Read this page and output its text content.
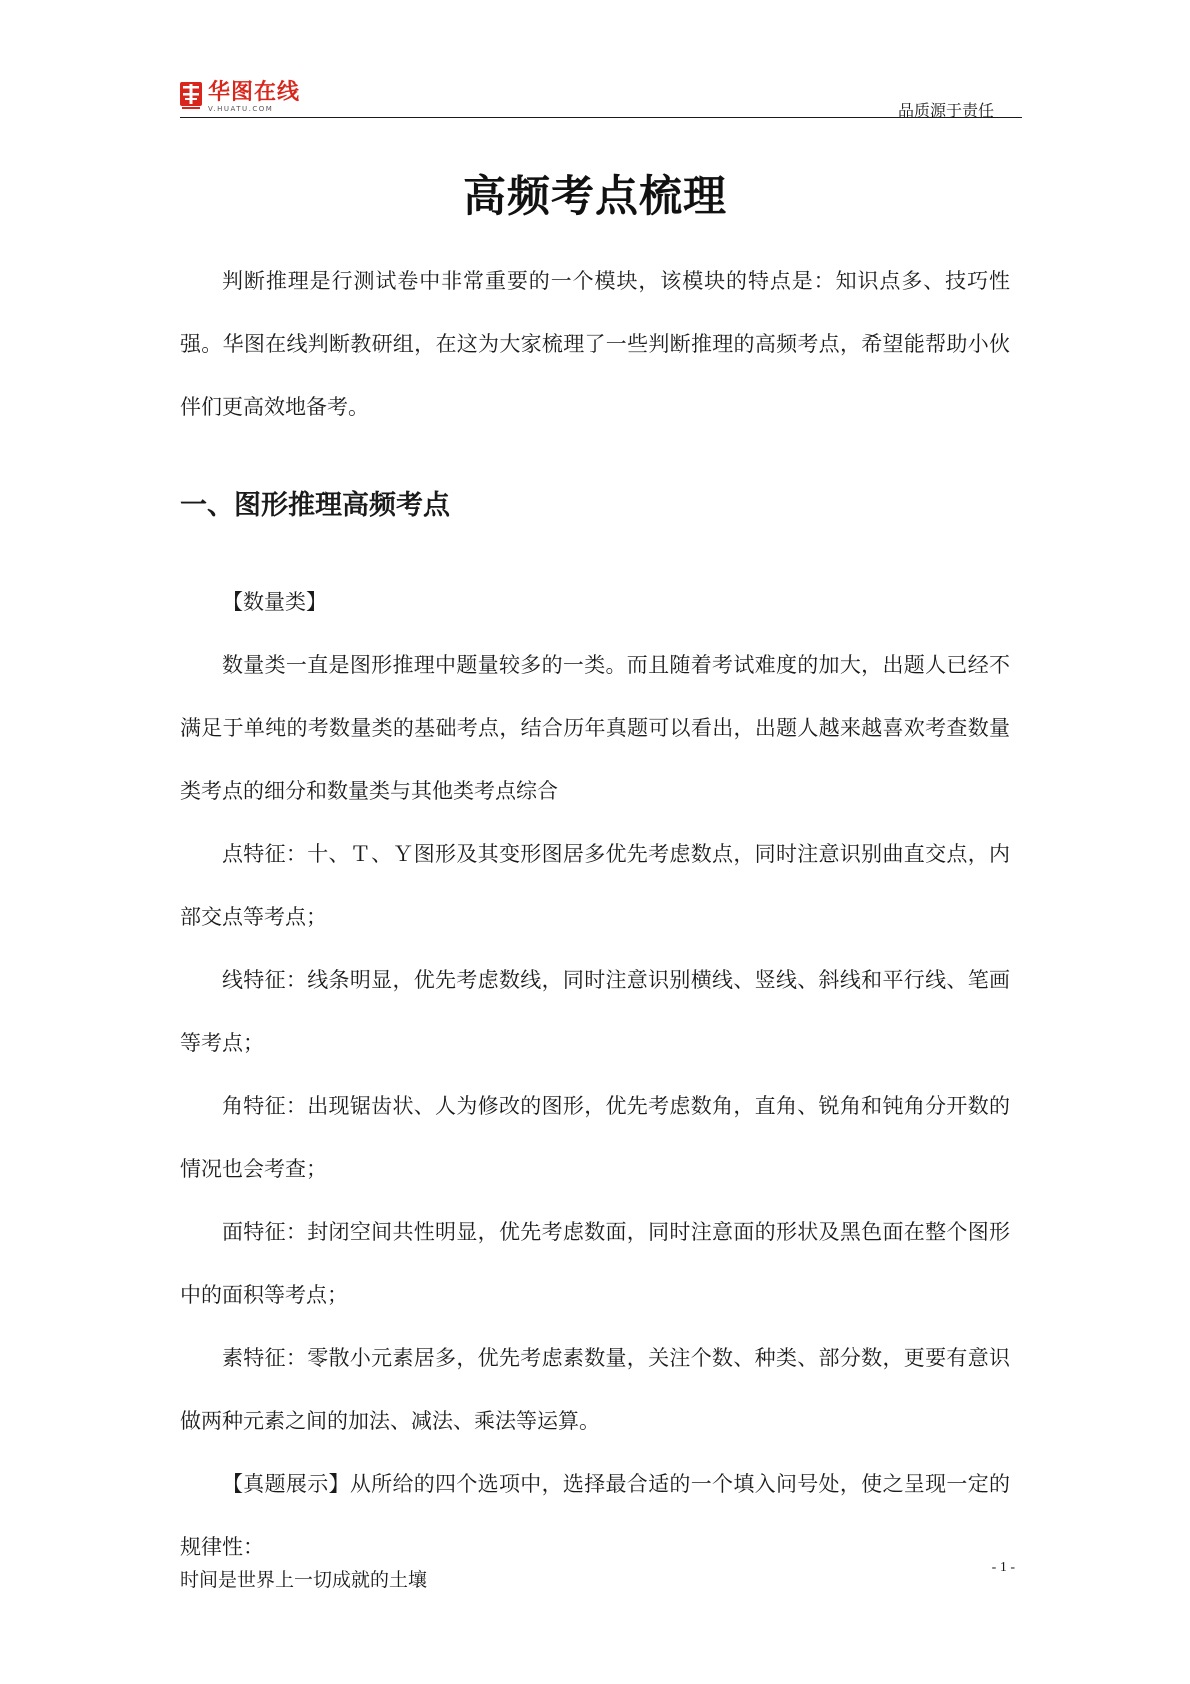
华图在线
V.HUATU.COM	品质源于责任
高频考点梳理

判断推理是行测试卷中非常重要的一个模块，该模块的特点是：知识点多、技巧性强。华图在线判断教研组，在这为大家梳理了一些判断推理的高频考点，希望能帮助小伙伴们更高效地备考。

一、图形推理高频考点

【数量类】

数量类一直是图形推理中题量较多的一类。而且随着考试难度的加大，出题人已经不满足于单纯的考数量类的基础考点，结合历年真题可以看出，出题人越来越喜欢考查数量类考点的细分和数量类与其他类考点综合

点特征：十、Ｔ、Ｙ图形及其变形图居多优先考虑数点，同时注意识别曲直交点，内部交点等考点；

线特征：线条明显，优先考虑数线，同时注意识别横线、竖线、斜线和平行线、笔画等考点；

角特征：出现锯齿状、人为修改的图形，优先考虑数角，直角、锐角和钝角分开数的情况也会考查；

面特征：封闭空间共性明显，优先考虑数面，同时注意面的形状及黑色面在整个图形中的面积等考点；

素特征：零散小元素居多，优先考虑素数量，关注个数、种类、部分数，更要有意识做两种元素之间的加法、减法、乘法等运算。

【真题展示】从所给的四个选项中，选择最合适的一个填入问号处，使之呈现一定的规律性：

时间是世界上一切成就的土壤
- 1 -
